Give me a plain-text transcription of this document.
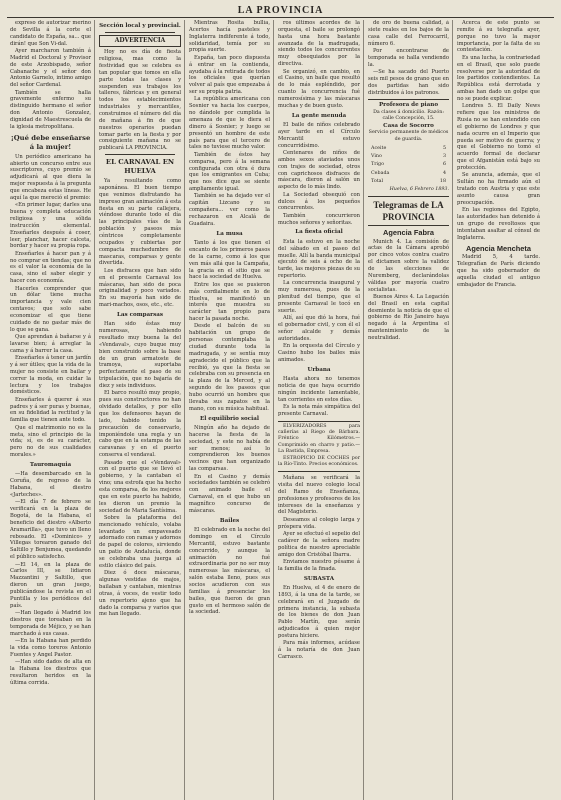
LA PROVINCIA

expreso de autorizar merino de Sevilla á la corte el candidato de España, sa... que dirán! que Son Vi-dal.

Ayer marcharon también á Madrid el Doctoral y Provisor de este Arzobispado, señor Cabanache y el señor don Antonio Garnelo, intimo amigo del señor Cardenal.

También se halla gravemente enfermo su distinguido hermano el señor don Antonio Gonzalez, dignidad de Maestrescuela de la iglesia metropolitana.

¡Qué debe enseñarse á la mujer!

Un periódico americano ha abierto un concurso entre sus suscriptores, cuyo premio se adjudicará al que diera la mejor respuesta á la pregunta que encabeza estas líneas. He aquí la que mereció el premio:

«En primer lugar, darles una buena y completa educación religiosa y una sólida instrucción elemental. Enseñarles después á coser, leer, planchar, hacer calceta, bordar y hacer su propia ropa.

Enseñarles á hacer pan y á no comprar en tiendas; que no es el valor la economía de la casa, sino el saber elegir y hacer con economía.

Hacerles comprender que un dólar tiene mucha importancia y vale cien centavos; que solo sabe economizar el que tiene cuidado de no gastar más de lo que se gana.

Que aprendan á bañarse y á lavarse bien; á arreglar la cama y á barrer la casa.

Enseñarles á tener un jardín y á ser útiles; que la vida de la mujer no consiste en bailar y correr la moda, en cuidar la lectura y los trabajos domésticos.

Enseñarles á querer á sus padres y á ser puras y buenas, en su fidelidad la rectitud y la familia que tienen ante todo.

Que el matrimonio no es la meta, sino el principio de la vida; sí, es de su carácter, pero no de sus cualidades morales.»

Tauromaquia

—Ha desembarcado en la Coruña, de regreso de la Habana, el diestro «Jarteches».

—El día 7 de febrero se verificará en la plaza de Bogotá, de la Habana, el beneficio del diestro «Alberto Aramarilla», que tuvo un lleno rebosado. El «Dominico» y Villegas torearon ganado del Saltillo y Benjumea, quedando el público satisfecho.

—El 14, en la plaza de Carlos III, se lidiaron Mazzantini y Saltillo, que dieron un gran juego, publicándose la revista en el Puntilla y los periódicos del país.

—Han llegado á Madrid los diestros que toreaban en la temporada de Méjico, y se han marchado á sus casas.

—En la Habana han perdido la vida como toreros Antonio Fuentes y Angel Pastor.

—Han sido dados de alta en la Habana los diestros que resultaron heridos en la última corrida.

Sección local y provincial.
ADVERTENCIA

Hoy no es día de fiesta religiosa, mas como la festividad que se celebra es tan popular que tomos en ella parte todas las clases y suspenden sus trabajos los talleres, fábricas y en general todos los establecimientos industriales y mercantiles, construimos el número del día de mañana á fin de que nuestros operarios puedan tomar parte en la fiesta y por consiguiente mañana no se publicará LA PROVINCIA.

EL CARNAVAL EN HUELVA

Ya resultando como saponánea. El buen tiempo que venimos disfrutando ha impreso gran animación á esta fiesta en su parte callejera, viéndose durante todo el día las principales vías de la población y paseos más céntricos completamente ocupados y cubiertas por compacta muchedumbre de mascaras, comparsas y gente divertida.

Los disfraces que han sido en el presente Carnaval los máscaras, han sido de poca originalidad y poco variados. En su mayoría han sido de mari-machos, osos, etc., etc.

Las comparsas

Han sido éstas muy numerosas, habiendo resultado muy buena la del «Vendaval», cuyo buque muy bien construido sobre la base de un gran armatoste de tramoya, suportaba perfectamente el paso de su tripulación, que no bajaría de diez y seis individuos.

El barco resultó muy propio, pues sus constructores no han olvidado detalles, y por ello que los defensores hayan de lado, habido tenido la precaución de conservarlo, imponiéndole una regla y un cabo que en la estampa de las caravanas y en el puerto conserva el vendaval.

Pasado que el «Vendaval» con el puerto que se llevó el gobierno, y la cantaban el vino; una estrofa que ha hecho esta comparsa, de los mejores que en este puerto ha habido, les dieron un premio la sociedad de Maria Santísima.

Sobre la plataforma del mencionado vehículo, volaba levantado un empavesado adornado con ramas y adornos de papel de colores, sirviendo un patio de Andalucía, donde se celebraba una juerga al estilo clásico del país.

Diez ó doce máscaras, algunas vestidas de majos, bailaban y cantaban, mientras otras, á voces, de vestir todo un repertorio ajeno que ha dado la comparsa y varios que me han llegado.

Mientras Rosita bullía, Acertos hacía pasteles y Inglaterra indiferente á todo, solidaridad, temía por su propia suerte.

España, tan poco dispuesta á entrar en la contienda, ayudaba á la retirada de todos los oficiales que querían volver al país que empezaba á ser su propia patria.

La república americana con Sosnier va hacia los cuerpos, no dándole por cumplida la amenaza de que le diera el dinero á Sosnier; y luego se presentó un hombre de este país para que el tercero de tales no tuviese mucho valor.

También de éstos hay comparsa, pero á la semana configurada con otra é dura que los emigrantes en Cuba; que nos dice que se siente ampliamente igual.

También se ha dejado ver el capitán Lizcano y su compañera... ver como la rechazaron en Alcalá de Guadaira.

La musa

Tanto á los que tienen el encanto de los primeros pasos de la carne, como á los que ven más allá que la Campaña, la gracia en el sitio que se hace la sociedad de Huelva.

Entre los que se pusieron más cordialmente en lo de Huelva, se manifestó un interés que muestra su carácter tan propio para hacer la pasada noche.

Desde el balcón de su habitación un grupo de personas contemplaba la ciudad durante toda la madrugada, y se sentía muy agradecido el público que la recibió, ya que la fiesta se celebraba con su presencia en la plaza de la Merced, y al segundo de los paseos que hubo ocurrió un hombre que llevaba sus zapatos en la mano, con su música habitual.

El equilibrio social

Ningún año ha dejado de hacerse la fiesta de la sociedad, y este no había de ser menos; así lo comprendieron los buenos vecinos que han organizado las comparsas.

En el Casino y demás sociedades también se celebró con animado baile el Carnaval, en el que hubo un magnífico concurso de máscaras.

Bailes

El celebrado en la noche del domingo en el Círculo Mercantil, estuvo bastante concurrido, y aunque la animación no fué extraordinaria por no ser muy numerosas las máscaras, el salón estaba lleno, pues sus socios acudieron con sus familias á presenciar los bailes, que fueron de gran gusto en el hermoso salón de la sociedad.

ros últimos acordes de la orquesta, el baile se prolongó hasta una hora bastante avanzada de la madrugada, siendo todos los concurrentes muy obsequiados por la directiva.

Se organizó, en cambio, en el Casino, un baile que resultó de lo más espléndido, por cuanto la concurrencia fué numerosísima y las máscaras muchas y de buen gusto.

La gente menuda

El baile de niños celebrado ayer tarde en el Círculo Mercantil estuvo concurridísimo.

Centenares de niños de ambos sexos ataviados unos con trajes de sociedad, otros con caprichosos disfraces de máscara, dieron al salón un aspecto de lo más lindo.

La Sociedad obsequió con dulces á los pequeños concurrentes.

También concurrieron muchos señores y señoritas.

La fiesta oficial

Esta la estuvo en la noche del sábado en el paseo del muelle. Allí la banda municipal ejecutó de seis á ocho de la tarde, las mejores piezas de su repertorio.

La concurrencia inaugural y muy numerosa, pues de la plenitud del tiempo, que el presente Carnaval le tocó en suerte.

Allí, así que dió la hora, fué el gobernador civil, y con él el señor alcalde y demás autoridades.

En la orquesta del Círculo y Casino hubo los bailes más animados.

Urbana

Hasta ahora no tenemos noticia de que haya ocurrido ningún incidente lamentable, tan corrientes en estos días.

Es la nota más simpática del presente Carnaval.

ELVERIZADORES para cañerías al Riego de Bárbara. Fréntico Kilómetros.—Comprimido en charro y patio.—La Bastida, Empresa.

ESTROPICIO DE COCHES por la Río-Tinto. Precios económicos.

Mañana se verificará la visita del nuevo colegio local del Ramo de Enseñanza, profesiones y profesores de los intereses de la enseñanza y del Magisterio.

Deseamos al colegio larga y próspera vida.

Ayer se efectuó el sepelio del cadáver de la señora madre política de nuestro apreciable amigo don Cristóbal Ibarra.

Enviamos nuestro pésame á la familia de la finada.

SUBASTA

En Huelva, el 4 de enero de 1893, á la una de la tarde, se celebrará en el Juzgado de primera instancia, la subasta de los bienes de don Juan Pablo Martín, que serán adjudicados á quien mejor postura hiciere.

Para más informes, acúdase á la notaría de don Juan Carrasco.

de oro de buena calidad, á siete reales en los bajos de la casa calle del Ferrocarril, número 6.

Por encontrarse de temporada se halla vendiendo la.

—Se ha sacado del Puerto seis mil pesos de grano que en dos partidas han sido distribuidos á los patronos.

Profesora de piano

Da clases á domicilio. Razón: calle Concepción, 15.

Casa de Socorro

Servicio permanente de médicos de guardia.

Aceite	5
Vino	3
Trigo	6
Cebada	4
Total	18

Huelva, 6 Febrero 1893.

Telegramas de LA PROVINCIA
Agencia Fabra

Munich 4. La comisión de actas de la Cámara aprobó por cinco votos contra cuatro el dictamen sobre la validez de las elecciones de Nuremberg, declarándolas válidas por mayoría cuatro socialistas.

Buenos Aires 4. La Legación del Brasil en esta capital desmiente la noticia de que el gobierno de Río Janeiro haya negado á la Argentina el mantenimiento de la neutralidad.

Acerca de este punto se remite á su telegrafía ayer, porque no tuvo la mayor importancia, por la falta de su contestación.

Es una lucha, la contrariedad en el Brasil, que solo puede resolverse por la autoridad de los partidos contendientes. La República está derrotada y ambas han dado un golpe que no se puede explicar.

Londres 5. El Daily News refiere que los ministros de Rusia no se han entendido con el gobierno de Londres y que nada ocurre en el Imperio que pueda ser motivo de guerra; y que el Gobierno no tomó el acuerdo formal de declarar que el Afganistán está bajo su protección.

Se anuncia, además, que el Sultán no ha firmado aún el tratado con Austria y que este asunto causa gran preocupación.

En las regiones del Egipto, las autoridades han detenido á un grupo de revoltosos que intentaban asaltar al cónsul de Inglaterra.

Agencia Mencheta

Madrid 5, 4 tarde. Telegrafían de París diciendo que ha sido gobernador de aquella ciudad el antiguo embajador de Francia.
